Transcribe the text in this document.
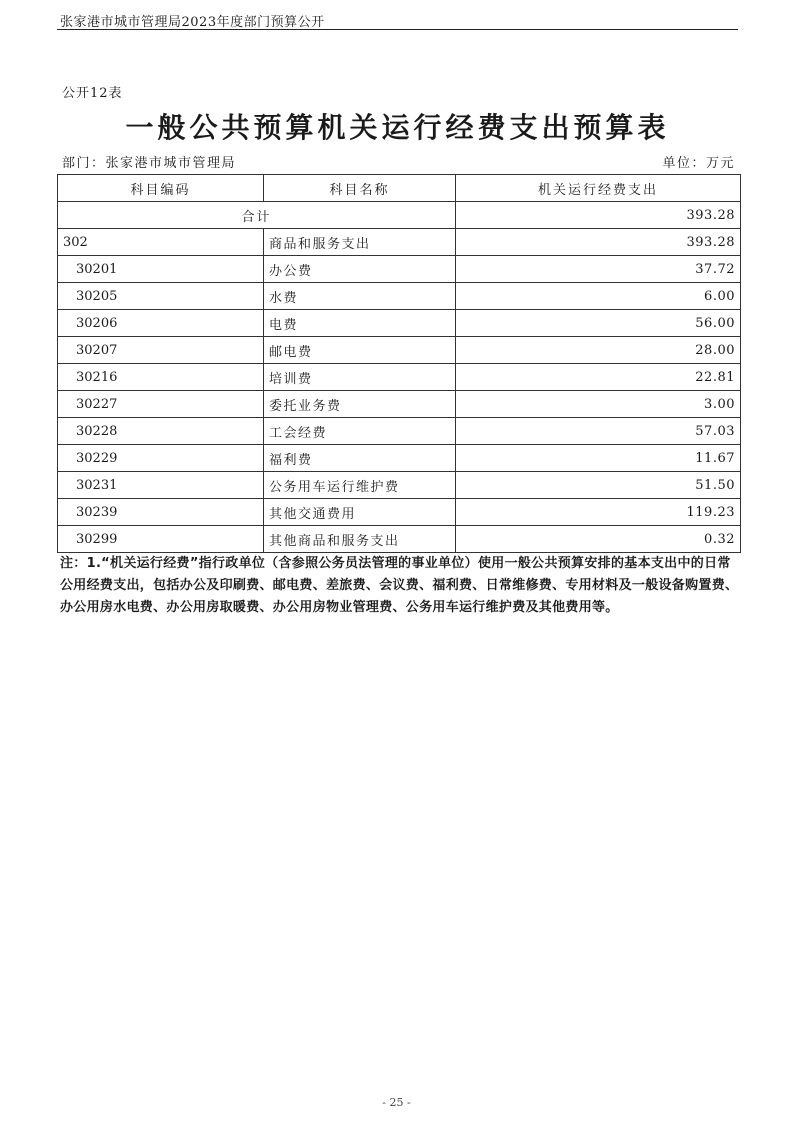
张家港市城市管理局2023年度部门预算公开
公开12表
一般公共预算机关运行经费支出预算表
部门：张家港市城市管理局	单位：万元
科目编码	科目名称	机关运行经费支出
合计		393.28
302	商品和服务支出	393.28
30201	办公费	37.72
30205	水费	6.00
30206	电费	56.00
30207	邮电费	28.00
30216	培训费	22.81
30227	委托业务费	3.00
30228	工会经费	57.03
30229	福利费	11.67
30231	公务用车运行维护费	51.50
30239	其他交通费用	119.23
30299	其他商品和服务支出	0.32
注：1.“机关运行经费”指行政单位（含参照公务员法管理的事业单位）使用一般公共预算安排的基本支出中的日常公用经费支出，包括办公及印刷费、邮电费、差旅费、会议费、福利费、日常维修费、专用材料及一般设备购置费、办公用房水电费、办公用房取暖费、办公用房物业管理费、公务用车运行维护费及其他费用等。
- 25 -
